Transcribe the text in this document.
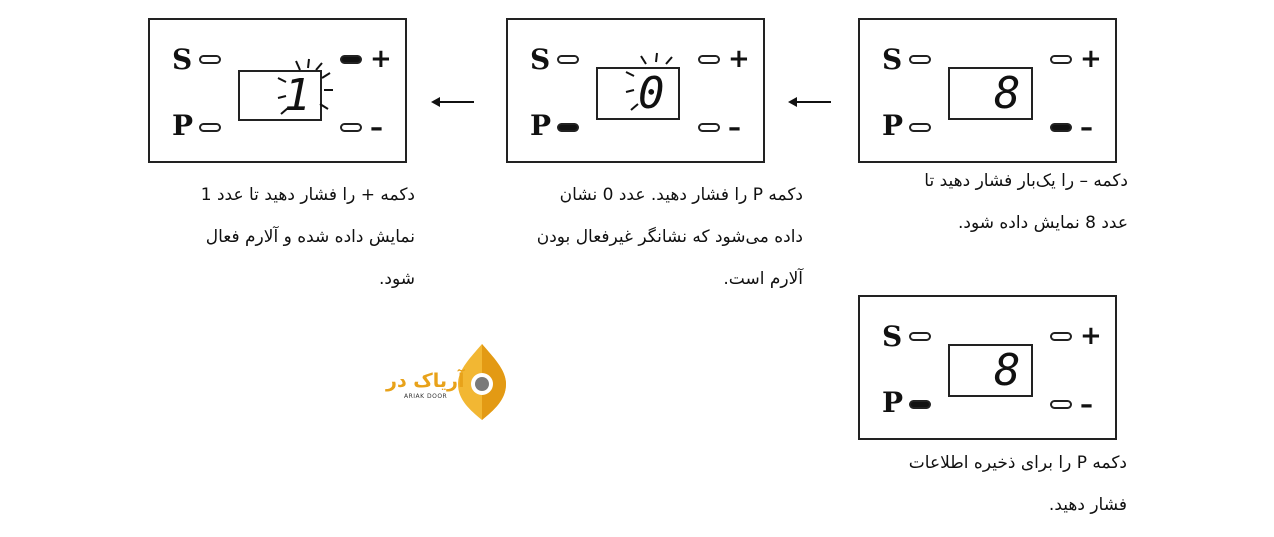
S
P
+
–
1
S
P
+
–
0
S
P
+
–
8
S
P
+
–
8
دکمه – را یک‌بار فشار دهید تا
عدد 8 نمایش داده شود.
دکمه P را فشار دهید. عدد 0 نشان
داده می‌شود که نشانگر غیرفعال بودن
آلارم است.
دکمه + را فشار دهید تا عدد 1
نمایش داده شده و آلارم فعال
شود.
دکمه P را برای ذخیره اطلاعات
فشار دهید.
آریاک در
ARIAK DOOR
